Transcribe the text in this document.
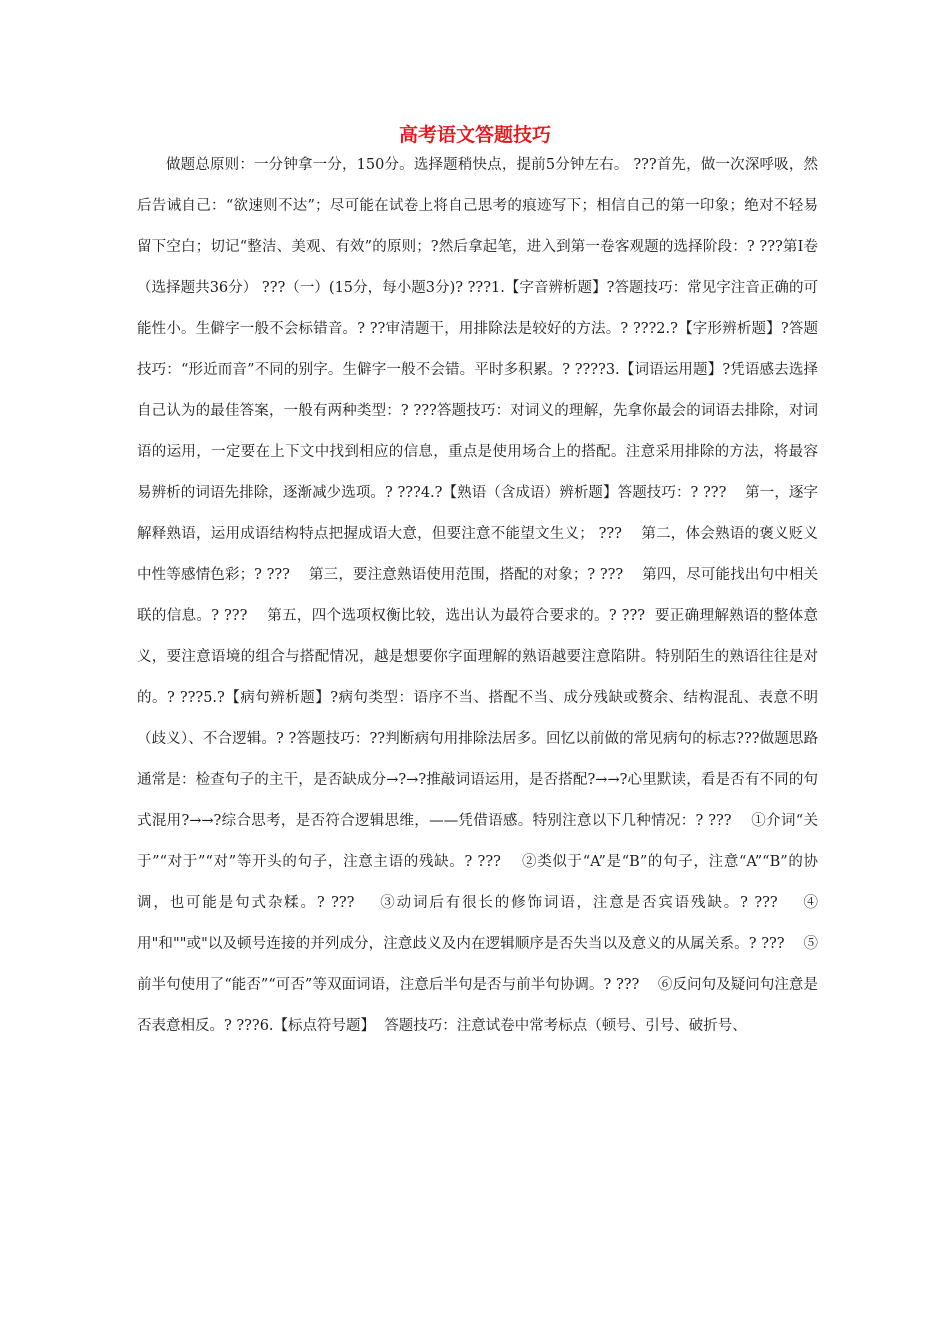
高考语文答题技巧

做题总原则：一分钟拿一分，150分。选择题稍快点，提前5分钟左右。 ???首先，做一次深呼吸，然后告诫自己：“欲速则不达”；尽可能在试卷上将自己思考的痕迹写下；相信自己的第一印象；绝对不轻易留下空白；切记“整洁、美观、有效”的原则；?然后拿起笔，进入到第一卷客观题的选择阶段：? ???第Ⅰ卷（选择题共36分） ???（一）(15分，每小题3分)? ???1.【字音辨析题】?答题技巧：常见字注音正确的可能性小。生僻字一般不会标错音。? ??审清题干，用排除法是较好的方法。? ???2.?【字形辨析题】?答题技巧：“形近而音”不同的别字。生僻字一般不会错。平时多积累。? ????3.【词语运用题】?凭语感去选择自己认为的最佳答案，一般有两种类型：? ???答题技巧：对词义的理解，先拿你最会的词语去排除，对词语的运用，一定要在上下文中找到相应的信息，重点是使用场合上的搭配。注意采用排除的方法，将最容易辨析的词语先排除，逐渐减少选项。? ???4.?【熟语（含成语）辨析题】答题技巧：? ???    第一，逐字解释熟语，运用成语结构特点把握成语大意，但要注意不能望文生义； ???    第二，体会熟语的褒义贬义中性等感情色彩；? ???    第三，要注意熟语使用范围，搭配的对象；? ???    第四，尽可能找出句中相关联的信息。? ???    第五，四个选项权衡比较，选出认为最符合要求的。? ???  要正确理解熟语的整体意义，要注意语境的组合与搭配情况，越是想要你字面理解的熟语越要注意陷阱。特别陌生的熟语往往是对的。? ???5.?【病句辨析题】?病句类型：语序不当、搭配不当、成分残缺或赘余、结构混乱、表意不明（歧义）、不合逻辑。? ?答题技巧：??判断病句用排除法居多。回忆以前做的常见病句的标志???做题思路通常是：检查句子的主干，是否缺成分→?→?推敲词语运用，是否搭配?→→?心里默读，看是否有不同的句式混用?→→?综合思考，是否符合逻辑思维，——凭借语感。特别注意以下几种情况：? ???    ①介词“关于”“对于”“对”等开头的句子，注意主语的残缺。? ???    ②类似于“A”是“B”的句子，注意“A”“B”的协调，也可能是句式杂糅。? ???    ③动词后有很长的修饰词语，注意是否宾语残缺。? ???    ④用"和""或"以及顿号连接的并列成分，注意歧义及内在逻辑顺序是否失当以及意义的从属关系。? ???    ⑤前半句使用了“能否”“可否”等双面词语，注意后半句是否与前半句协调。? ???    ⑥反问句及疑问句注意是否表意相反。? ???6.【标点符号题】  答题技巧：注意试卷中常考标点（顿号、引号、破折号、
